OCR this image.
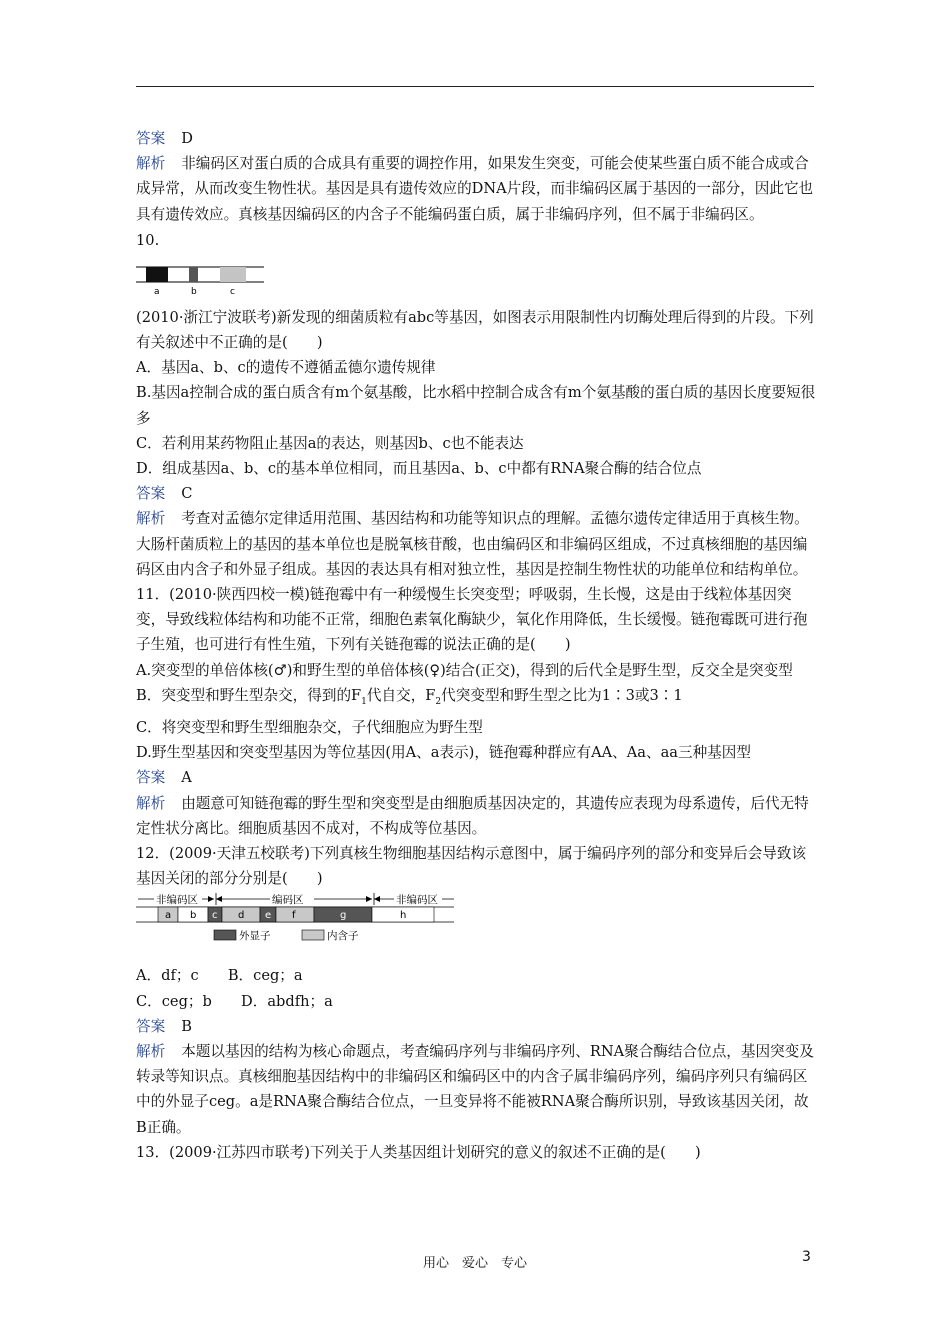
答案 D

解析 非编码区对蛋白质的合成具有重要的调控作用，如果发生突变，可能会使某些蛋白质不能合成或合成异常，从而改变生物性状。基因是具有遗传效应的DNA片段，而非编码区属于基因的一部分，因此它也具有遗传效应。真核基因编码区的内含子不能编码蛋白质，属于非编码序列，但不属于非编码区。

10.

a	b	c

(2010·浙江宁波联考)新发现的细菌质粒有abc等基因，如图表示用限制性内切酶处理后得到的片段。下列有关叙述中不正确的是(　　)

A．基因a、b、c的遗传不遵循孟德尔遗传规律

B.基因a控制合成的蛋白质含有m个氨基酸，比水稻中控制合成含有m个氨基酸的蛋白质的基因长度要短很多

C．若利用某药物阻止基因a的表达，则基因b、c也不能表达

D．组成基因a、b、c的基本单位相同，而且基因a、b、c中都有RNA聚合酶的结合位点

答案 C

解析 考查对孟德尔定律适用范围、基因结构和功能等知识点的理解。孟德尔遗传定律适用于真核生物。大肠杆菌质粒上的基因的基本单位也是脱氧核苷酸，也由编码区和非编码区组成，不过真核细胞的基因编码区由内含子和外显子组成。基因的表达具有相对独立性，基因是控制生物性状的功能单位和结构单位。

11．(2010·陕西四校一模)链孢霉中有一种缓慢生长突变型；呼吸弱，生长慢，这是由于线粒体基因突变，导致线粒体结构和功能不正常，细胞色素氧化酶缺少，氧化作用降低，生长缓慢。链孢霉既可进行孢子生殖，也可进行有性生殖，下列有关链孢霉的说法正确的是(　　)

A.突变型的单倍体核(♂)和野生型的单倍体核(♀)结合(正交)，得到的后代全是野生型，反交全是突变型

B．突变型和野生型杂交，得到的$F_1$代自交，$F_2$代突变型和野生型之比为1∶3或3∶1

C．将突变型和野生型细胞杂交，子代细胞应为野生型

D.野生型基因和突变型基因为等位基因(用A、a表示)，链孢霉种群应有AA、Aa、aa三种基因型

答案 A

解析 由题意可知链孢霉的野生型和突变型是由细胞质基因决定的，其遗传应表现为母系遗传，后代无特定性状分离比。细胞质基因不成对，不构成等位基因。

12．(2009·天津五校联考)下列真核生物细胞基因结构示意图中，属于编码序列的部分和变异后会导致该基因关闭的部分分别是(　　)

非编码区	编码区	非编码区
a b c d e f	g	h
外显子	内含子

A．df；c　　B．ceg；a

C．ceg；b　　D．abdfh；a

答案 B

解析 本题以基因的结构为核心命题点，考查编码序列与非编码序列、RNA聚合酶结合位点，基因突变及转录等知识点。真核细胞基因结构中的非编码区和编码区中的内含子属非编码序列，编码序列只有编码区中的外显子ceg。a是RNA聚合酶结合位点，一旦变异将不能被RNA聚合酶所识别，导致该基因关闭，故B正确。

13．(2009·江苏四市联考)下列关于人类基因组计划研究的意义的叙述不正确的是(　　)

用心　爱心　专心	3
